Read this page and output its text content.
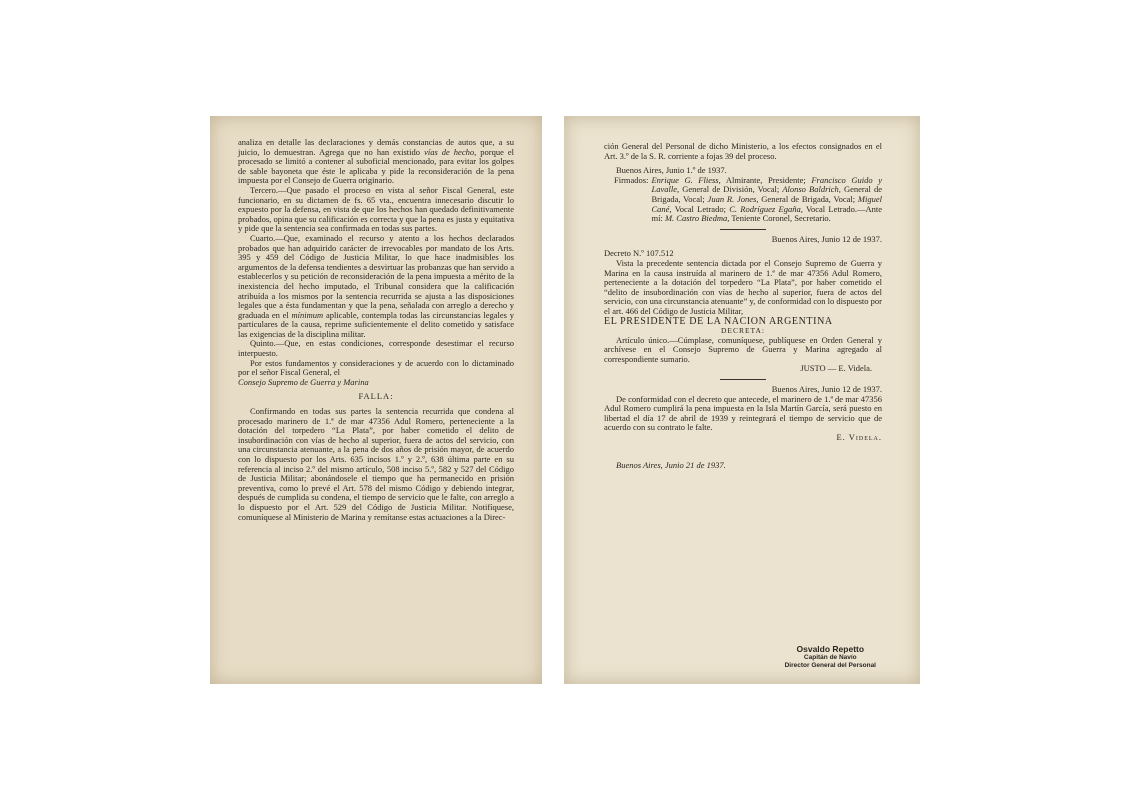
analiza en detalle las declaraciones y demás constancias de autos que, a su juicio, lo demuestran. Agrega que no han existido vías de hecho, porque el procesado se limitó a contener al suboficial mencionado, para evitar los golpes de sable bayoneta que éste le aplicaba y pide la reconsideración de la pena impuesta por el Consejo de Guerra originario.

Tercero.—Que pasado el proceso en vista al señor Fiscal General, este funcionario, en su dictamen de fs. 65 vta., encuentra innecesario discutir lo expuesto por la defensa, en vista de que los hechos han quedado definitivamente probados, opina que su calificación es correcta y que la pena es justa y equitativa y pide que la sentencia sea confirmada en todas sus partes.

Cuarto.—Que, examinado el recurso y atento a los hechos declarados probados que han adquirido carácter de irrevocables por mandato de los Arts. 395 y 459 del Código de Justicia Militar, lo que hace inadmisibles los argumentos de la defensa tendientes a desvirtuar las probanzas que han servido a establecerlos y su petición de reconsideración de la pena impuesta a mérito de la inexistencia del hecho imputado, el Tribunal considera que la calificación atribuída a los mismos por la sentencia recurrida se ajusta a las disposiciones legales que a ésta fundamentan y que la pena, señalada con arreglo a derecho y graduada en el mínimum aplicable, contempla todas las circunstancias legales y particulares de la causa, reprime suficientemente el delito cometido y satisface las exigencias de la disciplina militar.

Quinto.—Que, en estas condiciones, corresponde desestimar el recurso interpuesto.

Por estos fundamentos y consideraciones y de acuerdo con lo dictaminado por el señor Fiscal General, el

Consejo Supremo de Guerra y Marina

FALLA:

Confirmando en todas sus partes la sentencia recurrida que condena al procesado marinero de 1.ª de mar 47356 Adul Romero, perteneciente a la dotación del torpedero “La Plata”, por haber cometido el delito de insubordinación con vías de hecho al superior, fuera de actos del servicio, con una circunstancia atenuante, a la pena de dos años de prisión mayor, de acuerdo con lo dispuesto por los Arts. 635 incisos 1.º y 2.º, 638 última parte en su referencia al inciso 2.º del mismo artículo, 508 inciso 5.º, 582 y 527 del Código de Justicia Militar; abonándosele el tiempo que ha permanecido en prisión preventiva, como lo prevé el Art. 578 del mismo Código y debiendo integrar, después de cumplida su condena, el tiempo de servicio que le falte, con arreglo a lo dispuesto por el Art. 529 del Código de Justicia Militar. Notifíquese, comuníquese al Ministerio de Marina y remítanse estas actuaciones a la Direc-

ción General del Personal de dicho Ministerio, a los efectos consignados en el Art. 3.º de la S. R. corriente a fojas 39 del proceso.

Buenos Aires, Junio 1.º de 1937.

Firmados: Enrique G. Fliess, Almirante, Presidente; Francisco Guido y Lavalle, General de División, Vocal; Alonso Baldrich, General de Brigada, Vocal; Juan R. Jones, General de Brigada, Vocal; Miguel Cané, Vocal Letrado; C. Rodríguez Egaña, Vocal Letrado.—Ante mí: M. Castro Biedma, Teniente Coronel, Secretario.

Buenos Aires, Junio 12 de 1937.

Decreto N.º 107.512

Vista la precedente sentencia dictada por el Consejo Supremo de Guerra y Marina en la causa instruída al marinero de 1.ª de mar 47356 Adul Romero, perteneciente a la dotación del torpedero “La Plata”, por haber cometido el “delito de insubordinación con vías de hecho al superior, fuera de actos del servicio, con una circunstancia atenuante” y, de conformidad con lo dispuesto por el art. 466 del Código de Justicia Militar,

EL PRESIDENTE DE LA NACION ARGENTINA

DECRETA:

Artículo único.—Cúmplase, comuníquese, publíquese en Orden General y archívese en el Consejo Supremo de Guerra y Marina agregado al correspondiente sumario.

JUSTO — E. Videla.

Buenos Aires, Junio 12 de 1937.

De conformidad con el decreto que antecede, el marinero de 1.ª de mar 47356 Adul Romero cumplirá la pena impuesta en la Isla Martín García, será puesto en libertad el día 17 de abril de 1939 y reintegrará el tiempo de servicio que de acuerdo con su contrato le falte.

E. Videla.

Buenos Aires, Junio 21 de 1937.

Osvaldo Repetto
Capitán de Navío
Director General del Personal
